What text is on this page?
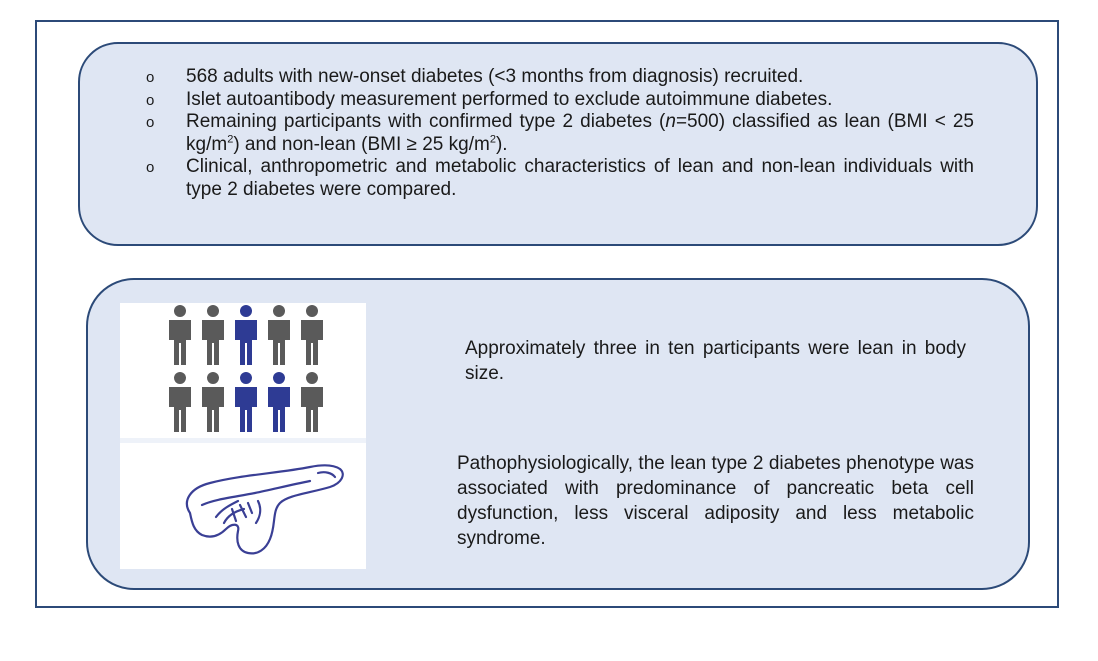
o 568 adults with new-onset diabetes (<3 months from diagnosis) recruited.
o Islet autoantibody measurement performed to exclude autoimmune diabetes.
o Remaining participants with confirmed type 2 diabetes (n=500) classified as lean (BMI < 25 $kg/m^2$) and non-lean (BMI ≥ 25 $kg/m^2$).
o Clinical, anthropometric and metabolic characteristics of lean and non-lean individuals with type 2 diabetes were compared.
Approximately three in ten participants were lean in body size.
Pathophysiologically, the lean type 2 diabetes phenotype was associated with predominance of pancreatic beta cell dysfunction, less visceral adiposity and less metabolic syndrome.
